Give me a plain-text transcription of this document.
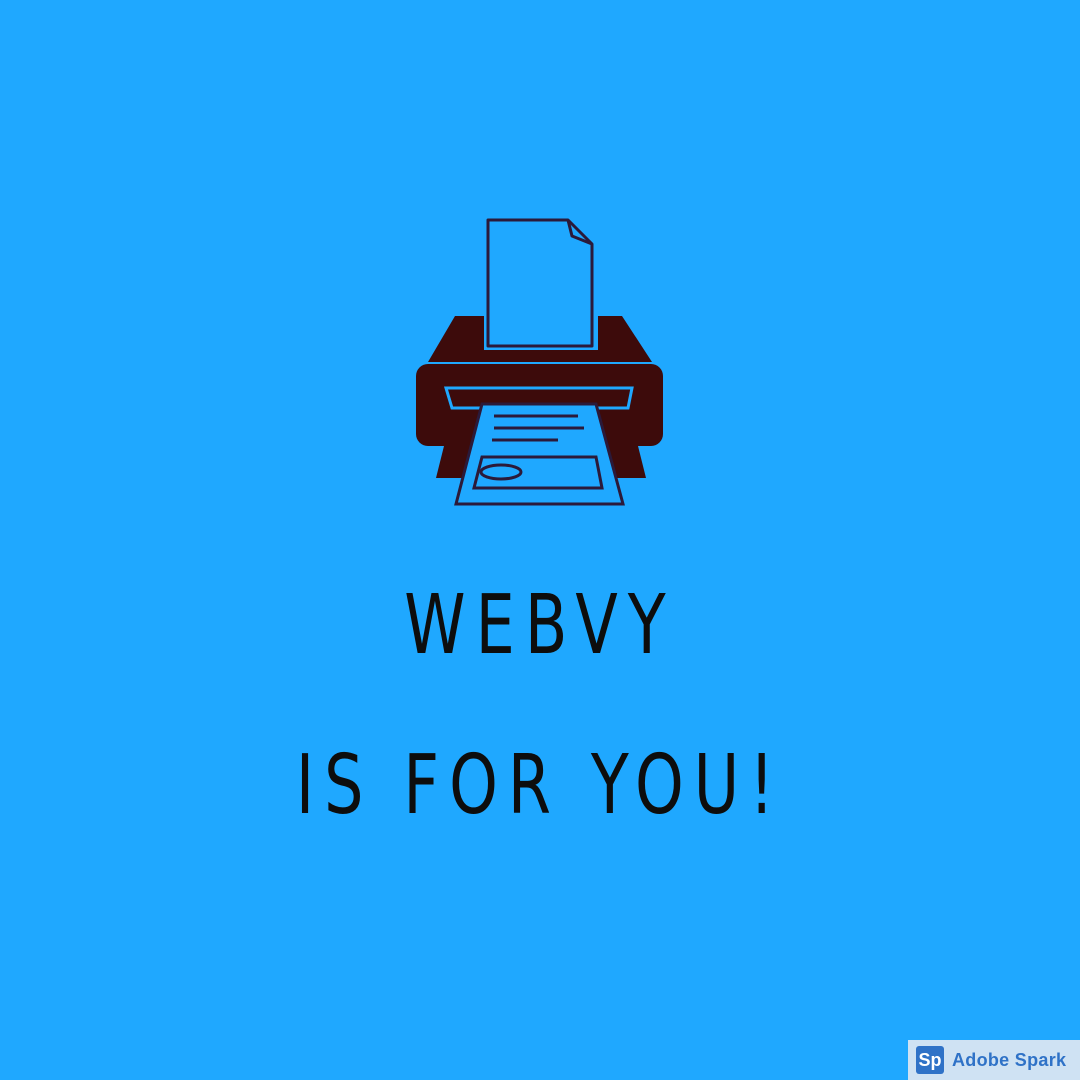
WEBVY
IS FOR YOU!
Sp Adobe Spark
